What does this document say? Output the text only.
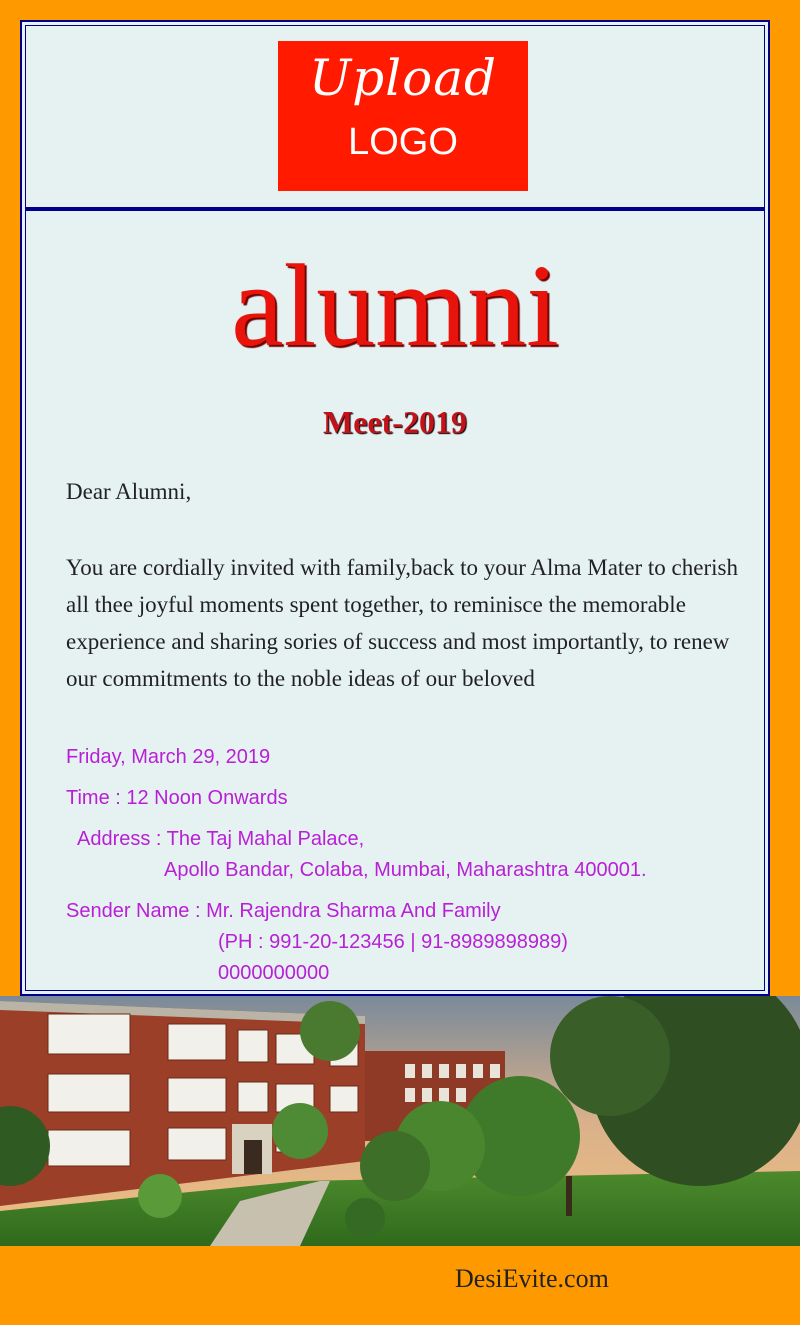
Upload
LOGO
alumni
Meet-2019
Dear Alumni,
You are cordially invited with family,back to your Alma Mater to cherish all thee joyful moments spent together, to reminisce the memorable experience and sharing sories of success and most importantly, to renew our commitments to the noble ideas of our beloved
Friday, March 29, 2019
Time : 12 Noon Onwards
Address : The Taj Mahal Palace,
Apollo Bandar, Colaba, Mumbai, Maharashtra 400001.
Sender Name : Mr. Rajendra Sharma And Family
(PH : 991-20-123456 | 91-8989898989)
0000000000
DesiEvite.com
